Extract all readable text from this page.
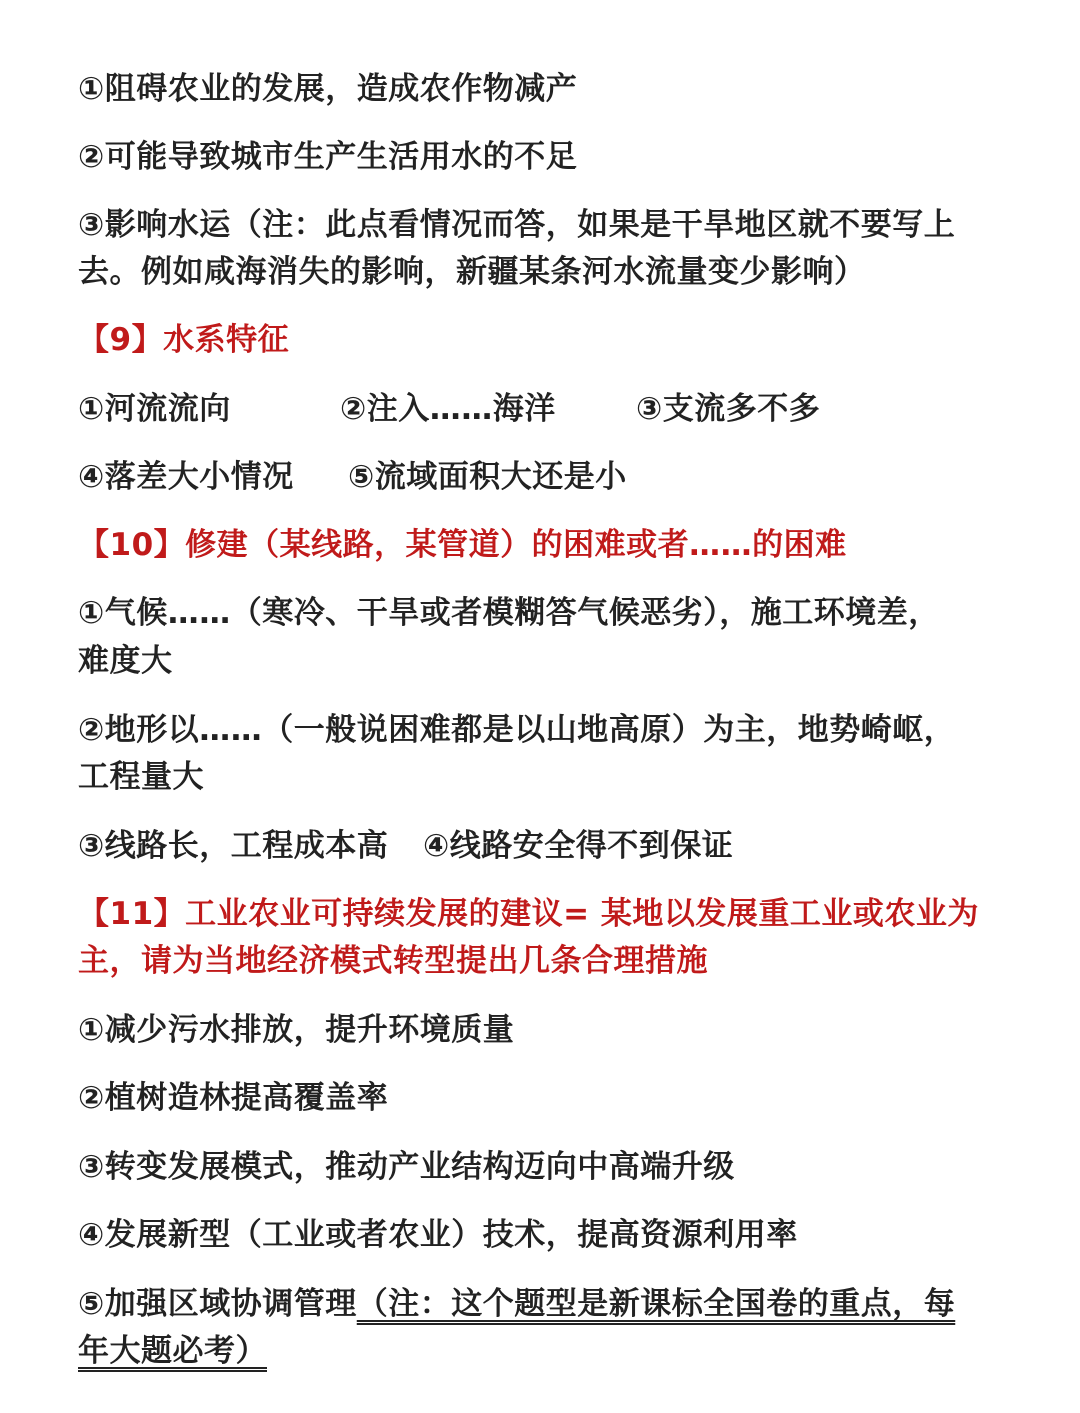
①阻碍农业的发展，造成农作物减产
②可能导致城市生产生活用水的不足
③影响水运（注：此点看情况而答，如果是干旱地区就不要写上
去。例如咸海消失的影响，新疆某条河水流量变少影响）
【9】水系特征
①河流流向	②注入……海洋	③支流多不多
④落差大小情况 ⑤流域面积大还是小
【10】修建（某线路，某管道）的困难或者……的困难
①气候……（寒冷、干旱或者模糊答气候恶劣），施工环境差，
难度大
②地形以……（一般说困难都是以山地高原）为主，地势崎岖，
工程量大
③线路长，工程成本高 ④线路安全得不到保证
【11】工业农业可持续发展的建议= 某地以发展重工业或农业为
主，请为当地经济模式转型提出几条合理措施
①减少污水排放，提升环境质量
②植树造林提高覆盖率
③转变发展模式，推动产业结构迈向中高端升级
④发展新型（工业或者农业）技术，提高资源利用率
⑤加强区域协调管理（注：这个题型是新课标全国卷的重点，每
年大题必考）
